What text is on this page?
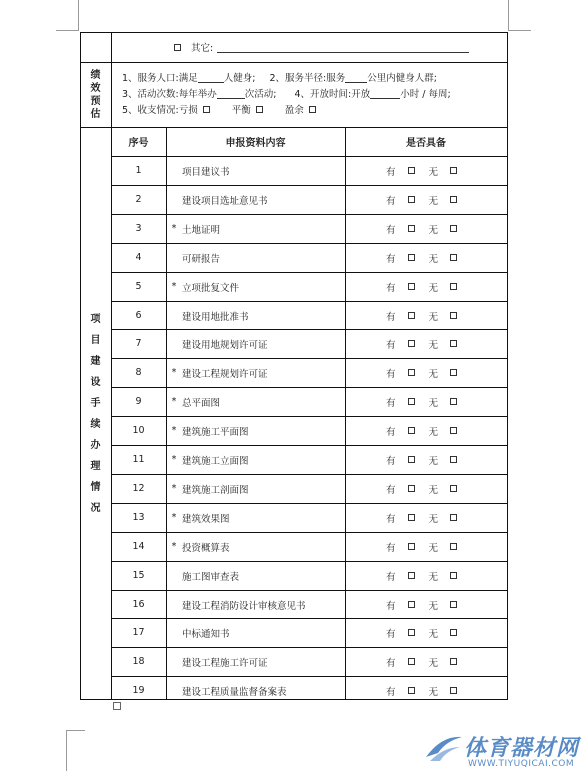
其它:
绩
效
预
估
1、服务人口:满足	人健身; 2、服务半径:服务 公里内健身人群;
3、活动次数:每年举办	次活动; 4、开放时间:开放	小时 / 每周;
5、收支情况:亏损	平衡	盈余
项
目
建
设
手
续
办
理
情
况
序号	申报资料内容	是否具备
1	项目建议书	有	无
2	建设项目选址意见书	有	无
3	* 土地证明	有	无
4	可研报告	有	无
5	* 立项批复文件	有	无
6	建设用地批准书	有	无
7	建设用地规划许可证	有	无
8	* 建设工程规划许可证	有	无
9	* 总平面图	有	无
10	* 建筑施工平面图	有	无
11	* 建筑施工立面图	有	无
12	* 建筑施工剖面图	有	无
13	* 建筑效果图	有	无
14	* 投资概算表	有	无
15	施工图审查表	有	无
16	建设工程消防设计审核意见书	有	无
17	中标通知书	有	无
18	建设工程施工许可证	有	无
19	建设工程质量监督备案表	有	无
体育器材网
WWW.TIYUQICAI.COM
